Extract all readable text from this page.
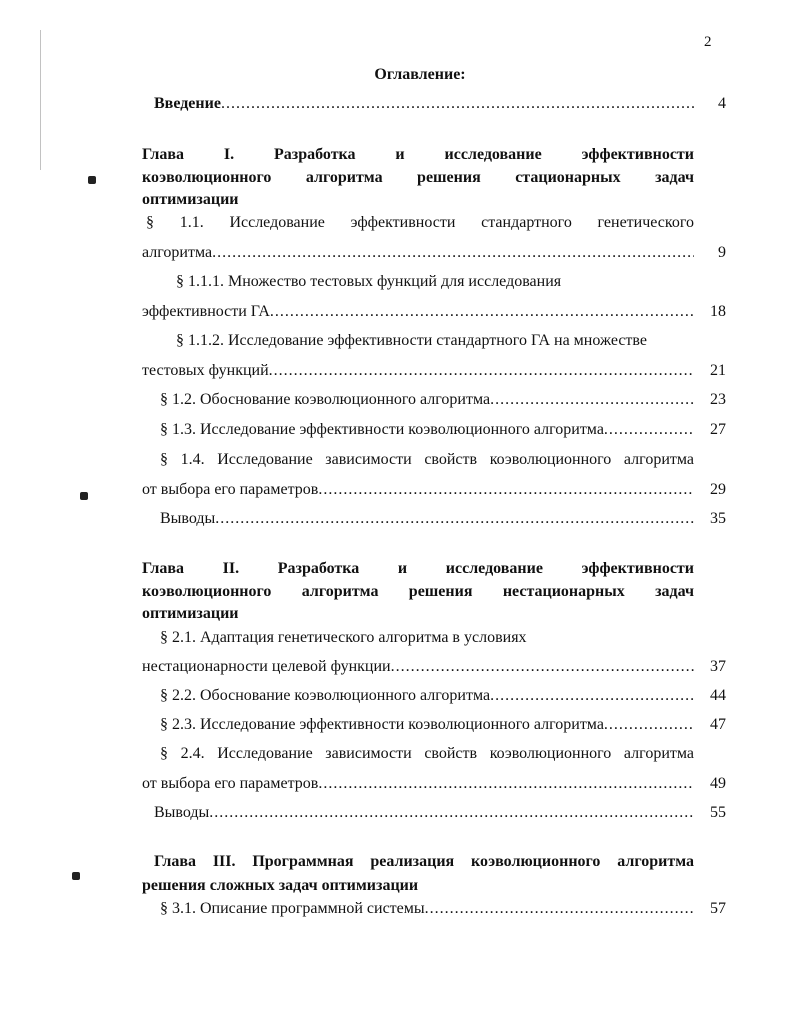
2
Оглавление:
Введение .....	4
Глава I. Разработка и исследование эффективности
коэволюционного алгоритма решения стационарных задач
оптимизации
§ 1.1. Исследование эффективности стандартного генетического
алгоритма .....	9
§ 1.1.1. Множество тестовых функций для исследования
эффективности ГА .....	18
§ 1.1.2. Исследование эффективности стандартного ГА на множестве
тестовых функций .....	21
§ 1.2. Обоснование коэволюционного алгоритма .....	23
§ 1.3. Исследование эффективности коэволюционного алгоритма .....	27
§ 1.4. Исследование зависимости свойств коэволюционного алгоритма
от выбора его параметров .....	29
Выводы .....	35
Глава II. Разработка и исследование эффективности
коэволюционного алгоритма решения нестационарных задач
оптимизации
§ 2.1. Адаптация генетического алгоритма в условиях
нестационарности целевой функции .....	37
§ 2.2. Обоснование коэволюционного алгоритма .....	44
§ 2.3. Исследование эффективности коэволюционного алгоритма .....	47
§ 2.4. Исследование зависимости свойств коэволюционного алгоритма
от выбора его параметров .....	49
Выводы .....	55
Глава III. Программная реализация коэволюционного алгоритма
решения сложных задач оптимизации
§ 3.1. Описание программной системы .....	57
